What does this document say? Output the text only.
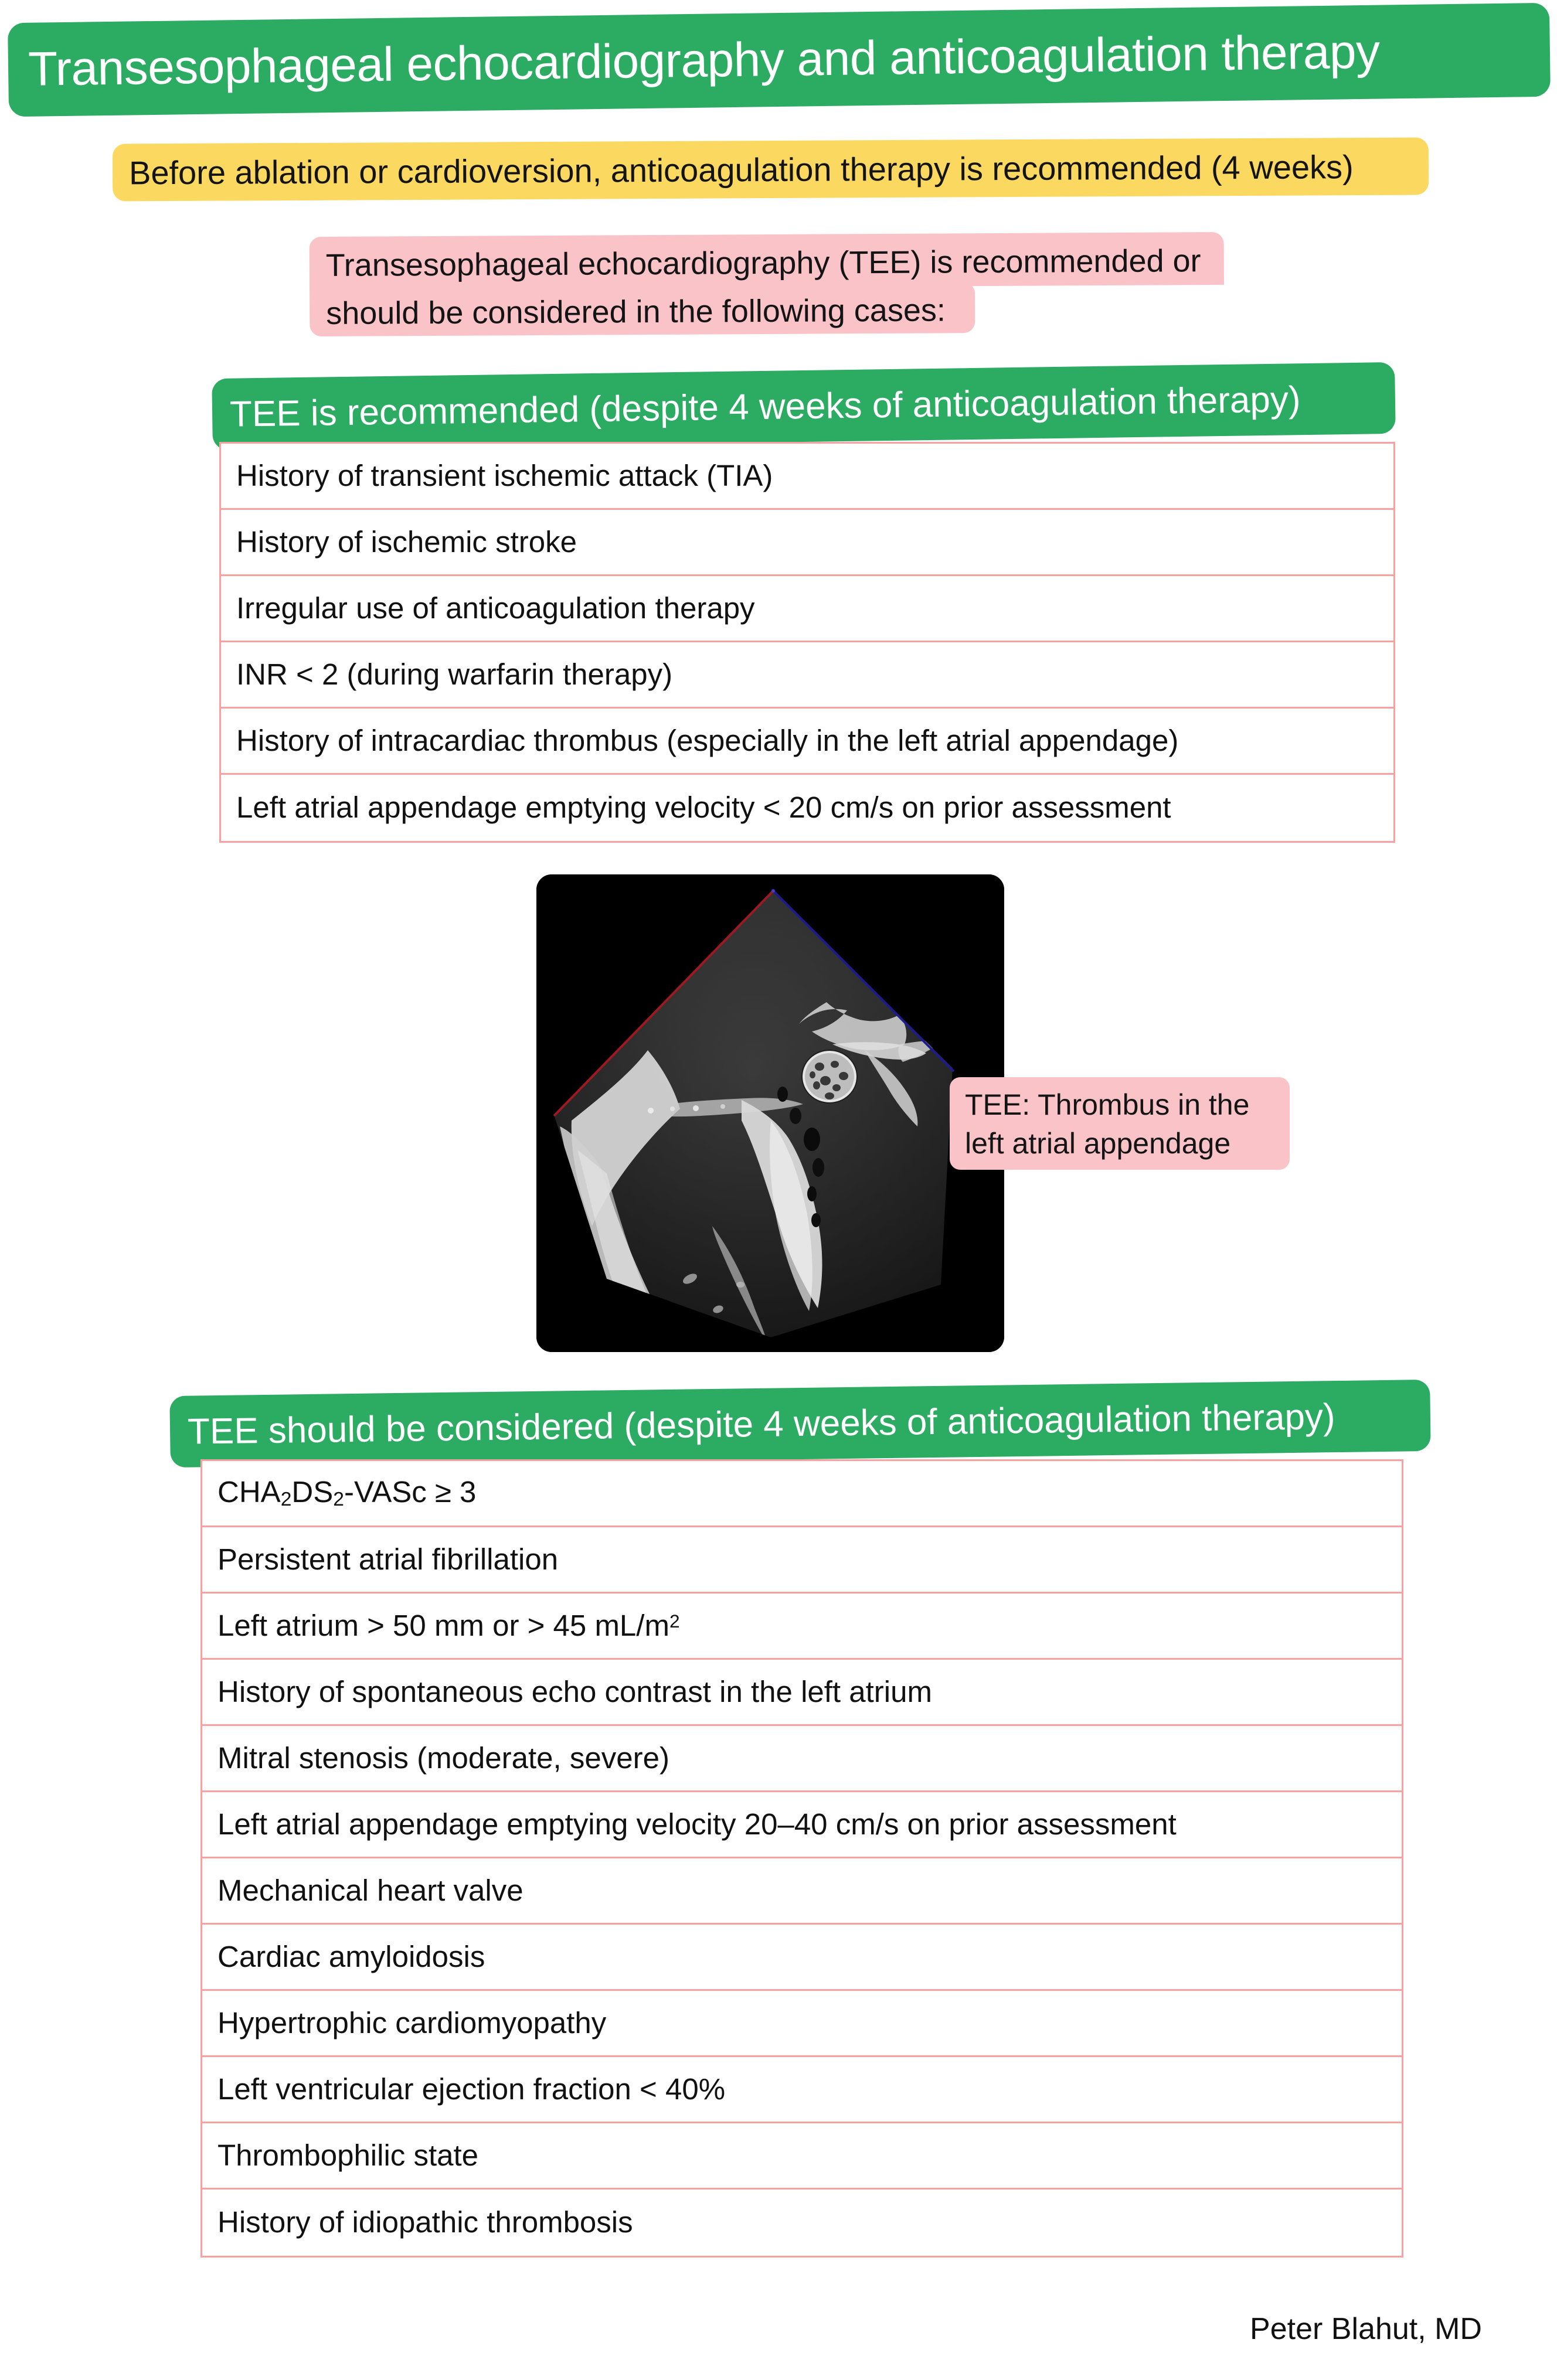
Transesophageal echocardiography and anticoagulation therapy
Before ablation or cardioversion, anticoagulation therapy is recommended (4 weeks)
Transesophageal echocardiography (TEE) is recommended or
should be considered in the following cases:
TEE is recommended (despite 4 weeks of anticoagulation therapy)
History of transient ischemic attack (TIA)
History of ischemic stroke
Irregular use of anticoagulation therapy
INR < 2 (during warfarin therapy)
History of intracardiac thrombus (especially in the left atrial appendage)
Left atrial appendage emptying velocity < 20 cm/s on prior assessment
TEE: Thrombus in the
left atrial appendage
TEE should be considered (despite 4 weeks of anticoagulation therapy)
$CHA_2DS_2$-VASc ≥ 3
Persistent atrial fibrillation
Left atrium > 50 mm or > 45 $mL/m^2$
History of spontaneous echo contrast in the left atrium
Mitral stenosis (moderate, severe)
Left atrial appendage emptying velocity 20–40 cm/s on prior assessment
Mechanical heart valve
Cardiac amyloidosis
Hypertrophic cardiomyopathy
Left ventricular ejection fraction < 40%
Thrombophilic state
History of idiopathic thrombosis
Peter Blahut, MD
